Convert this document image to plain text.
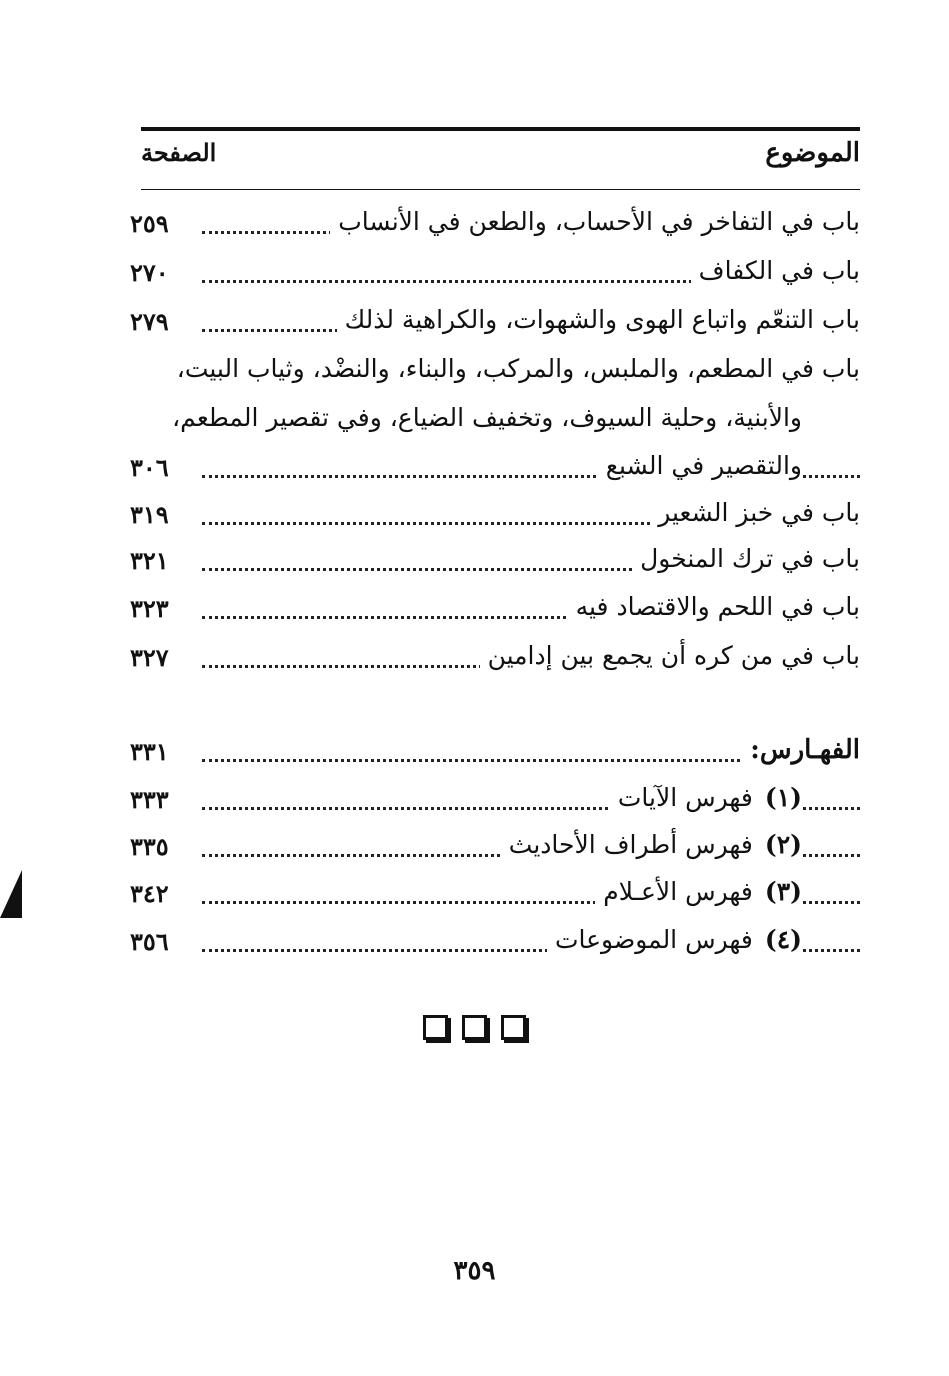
الموضوع
الصفحة
باب في التفاخر في الأحساب، والطعن في الأنساب
٢٥٩
باب في الكفاف
٢٧٠
باب التنعّم واتباع الهوى والشهوات، والكراهية لذلك
٢٧٩
باب في المطعم، والملبس، والمركب، والبناء، والنضْد، وثياب البيت،
والأبنية، وحلية السيوف، وتخفيف الضياع، وفي تقصير المطعم،
والتقصير في الشبع
٣٠٦
باب في خبز الشعير
٣١٩
باب في ترك المنخول
٣٢١
باب في اللحم والاقتصاد فيه
٣٢٣
باب في من كره أن يجمع بين إدامين
٣٢٧
الفهـارس:
٣٣١
(١)فهرس الآيات
٣٣٣
(٢)فهرس أطراف الأحاديث
٣٣٥
(٣)فهرس الأعـلام
٣٤٢
(٤)فهرس الموضوعات
٣٥٦
٣٥٩
